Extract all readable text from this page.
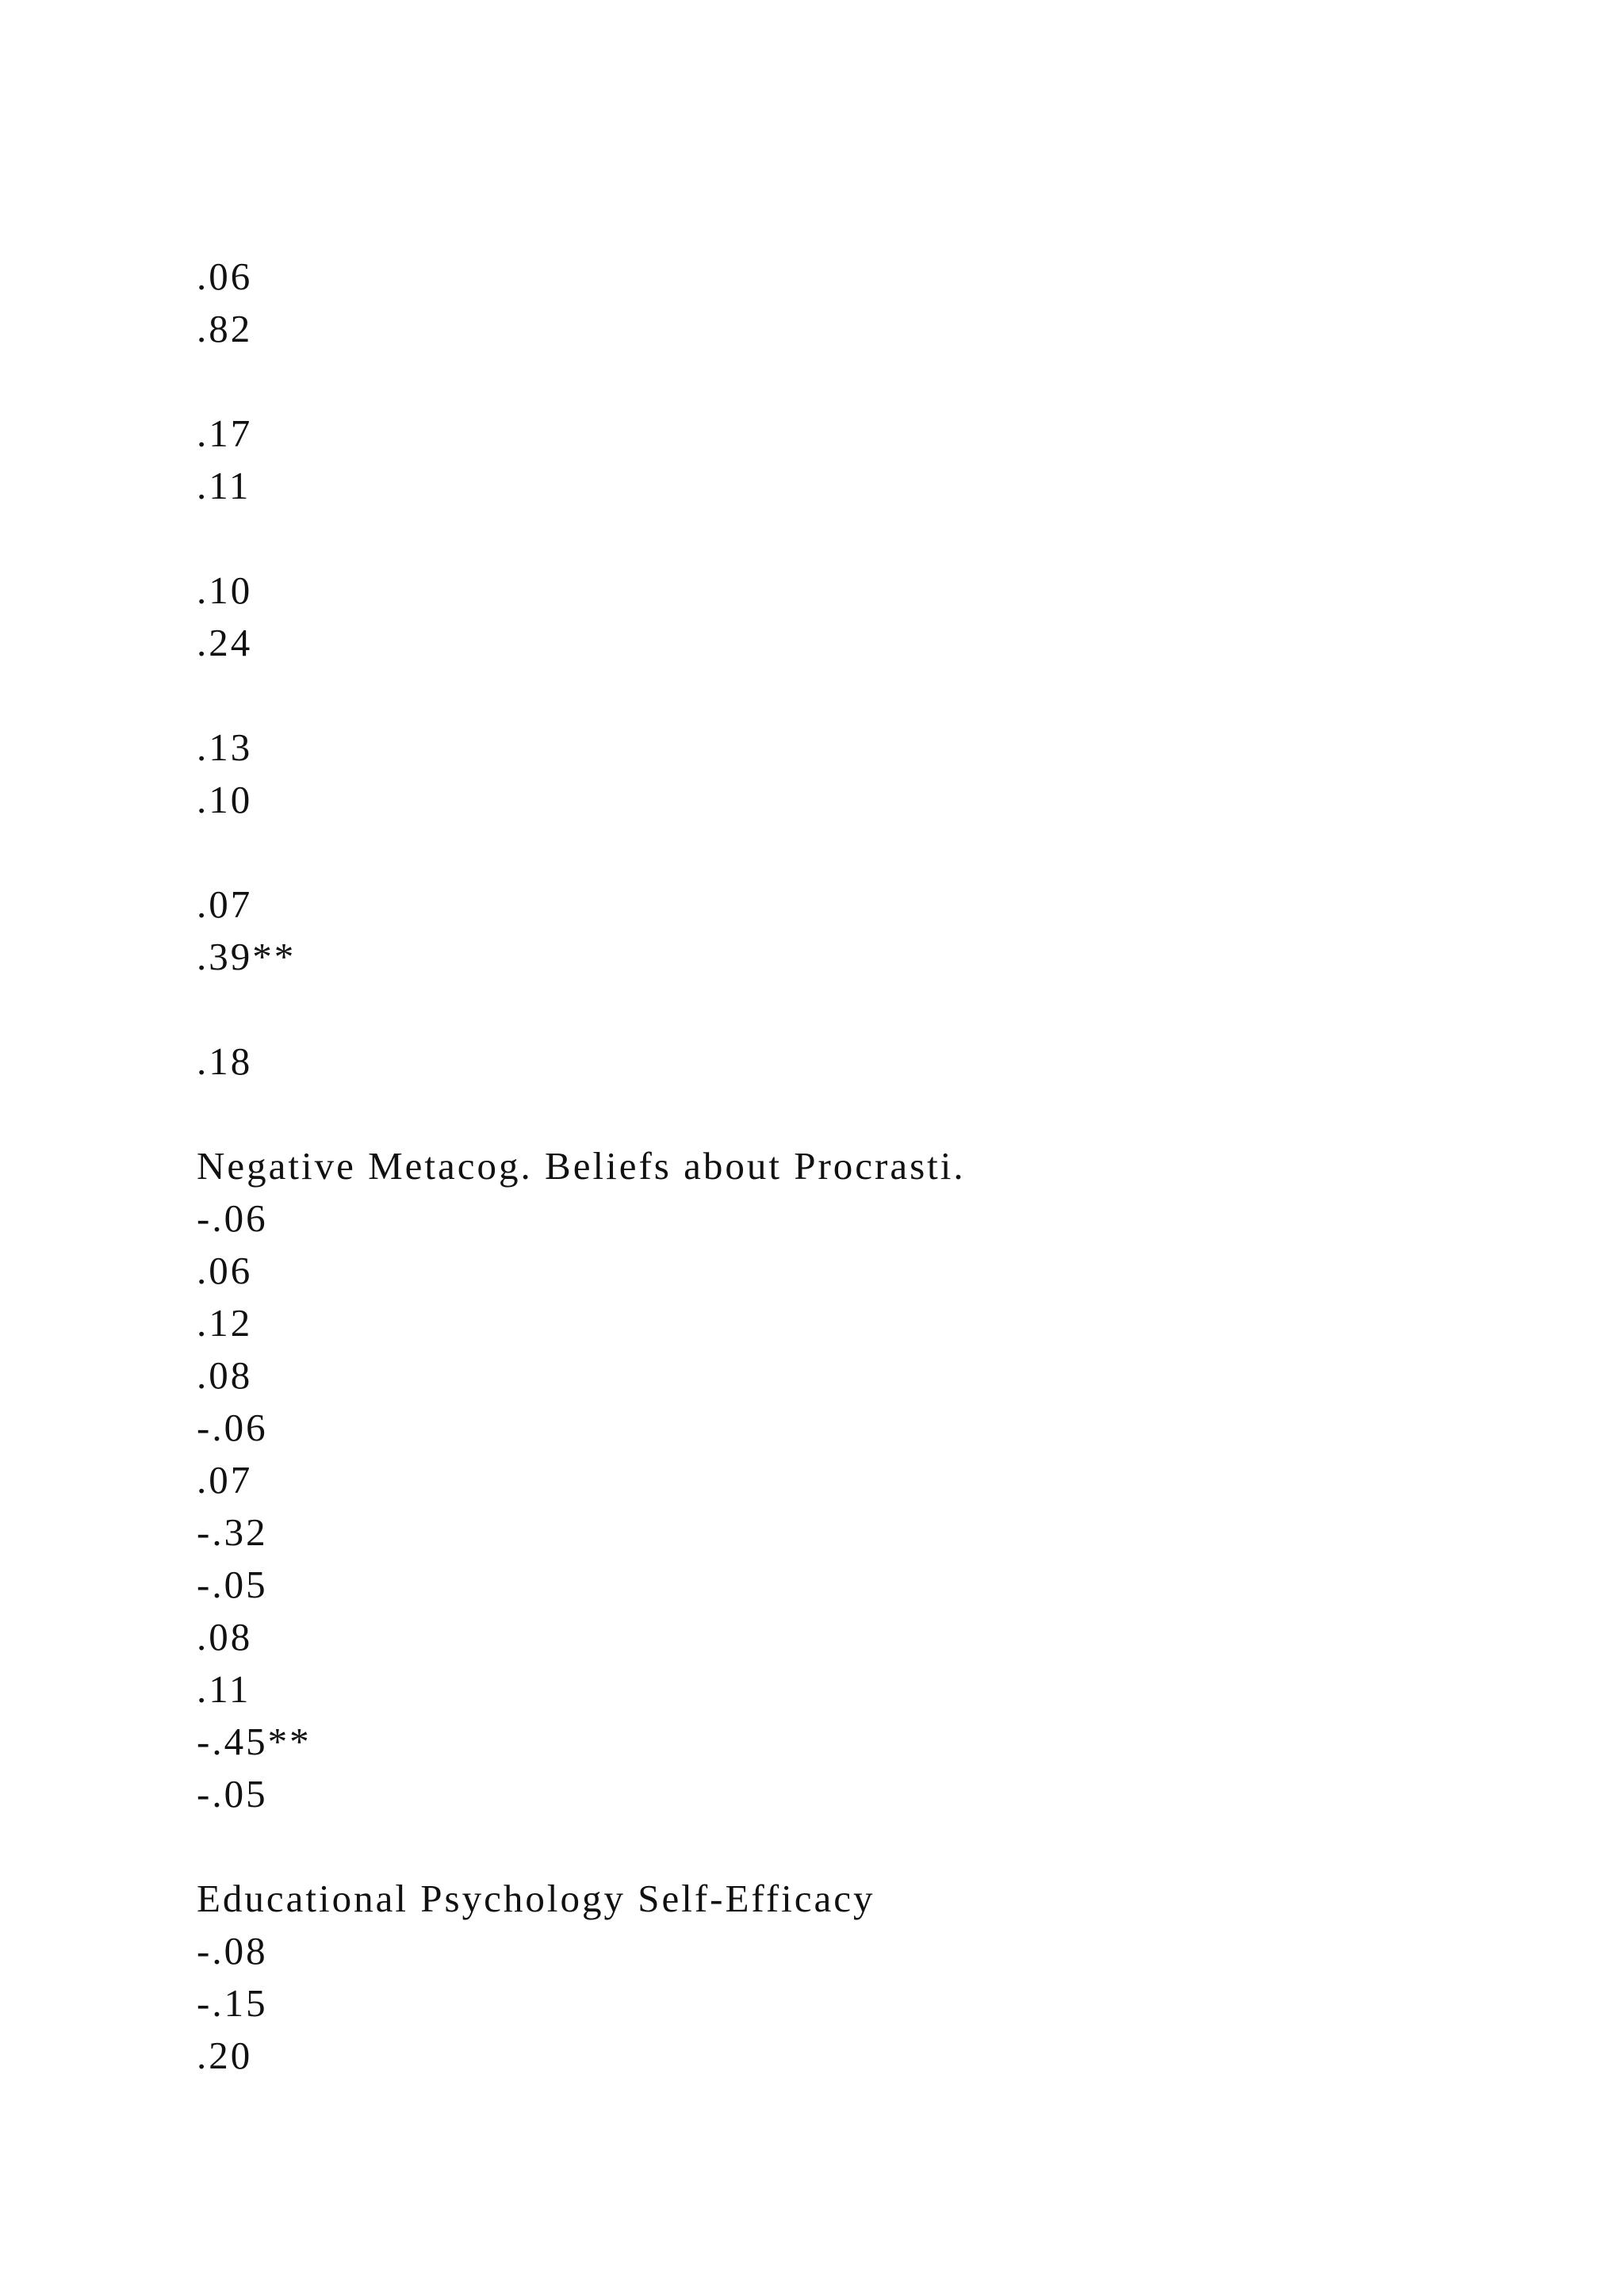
.06
.82
.17
.11
.10
.24
.13
.10
.07
.39**
.18
Negative Metacog. Beliefs about Procrasti.
-.06
.06
.12
.08
-.06
.07
-.32
-.05
.08
.11
-.45**
-.05
Educational Psychology Self-Efficacy
-.08
-.15
.20
